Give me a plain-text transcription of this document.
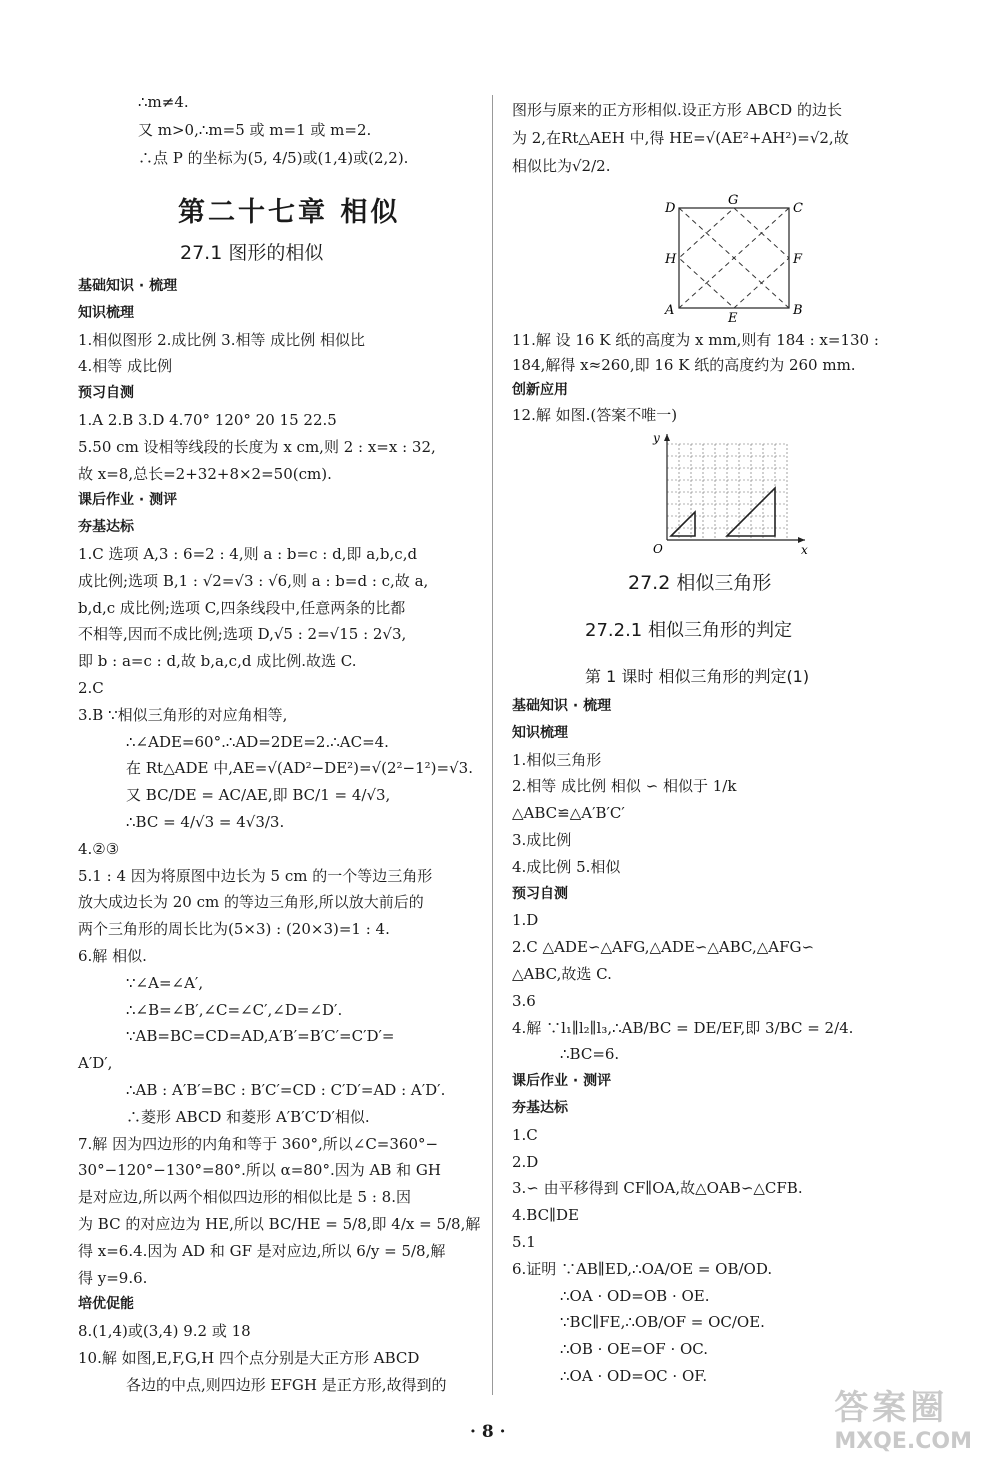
∴m≠4.
又 m>0,∴m=5 或 m=1 或 m=2.
∴点 P 的坐标为(5, 4/5)或(1,4)或(2,2).
第二十七章 相似
27.1 图形的相似
基础知识 · 梳理
知识梳理
1.相似图形 2.成比例 3.相等 成比例 相似比
4.相等 成比例
预习自测
1.A 2.B 3.D 4.70° 120° 20 15 22.5
5.50 cm 设相等线段的长度为 x cm,则 2 : x=x : 32,
故 x=8,总长=2+32+8×2=50(cm).
课后作业 · 测评
夯基达标
1.C 选项 A,3 : 6=2 : 4,则 a : b=c : d,即 a,b,c,d
成比例;选项 B,1 : √2=√3 : √6,则 a : b=d : c,故 a,
b,d,c 成比例;选项 C,四条线段中,任意两条的比都
不相等,因而不成比例;选项 D,√5 : 2=√15 : 2√3,
即 b : a=c : d,故 b,a,c,d 成比例.故选 C.
2.C
3.B ∵相似三角形的对应角相等,
∴∠ADE=60°.∴AD=2DE=2.∴AC=4.
在 Rt△ADE 中,AE=√(AD²−DE²)=√(2²−1²)=√3.
又 BC/DE = AC/AE,即 BC/1 = 4/√3,
∴BC = 4/√3 = 4√3/3.
4.②③
5.1 : 4 因为将原图中边长为 5 cm 的一个等边三角形
放大成边长为 20 cm 的等边三角形,所以放大前后的
两个三角形的周长比为(5×3) : (20×3)=1 : 4.
6.解 相似.
∵∠A=∠A′,
∴∠B=∠B′,∠C=∠C′,∠D=∠D′.
∵AB=BC=CD=AD,A′B′=B′C′=C′D′=
A′D′,
∴AB : A′B′=BC : B′C′=CD : C′D′=AD : A′D′.
∴菱形 ABCD 和菱形 A′B′C′D′相似.
7.解 因为四边形的内角和等于 360°,所以∠C=360°−
30°−120°−130°=80°.所以 α=80°.因为 AB 和 GH
是对应边,所以两个相似四边形的相似比是 5 : 8.因
为 BC 的对应边为 HE,所以 BC/HE = 5/8,即 4/x = 5/8,解
得 x=6.4.因为 AD 和 GF 是对应边,所以 6/y = 5/8,解
得 y=9.6.
培优促能
8.(1,4)或(3,4) 9.2 或 18
10.解 如图,E,F,G,H 四个点分别是大正方形 ABCD
各边的中点,则四边形 EFGH 是正方形,故得到的
图形与原来的正方形相似.设正方形 ABCD 的边长
为 2,在Rt△AEH 中,得 HE=√(AE²+AH²)=√2,故
相似比为√2/2.
D
G
C
H	F
A
E
B
11.解 设 16 K 纸的高度为 x mm,则有 184 : x=130 :
184,解得 x≈260,即 16 K 纸的高度约为 260 mm.
创新应用
12.解 如图.(答案不唯一)
y
O	x
27.2 相似三角形
27.2.1 相似三角形的判定
第 1 课时 相似三角形的判定(1)
基础知识 · 梳理
知识梳理
1.相似三角形
2.相等 成比例 相似 ∽ 相似于 1/k
△ABC≌△A′B′C′
3.成比例
4.成比例 5.相似
预习自测
1.D
2.C △ADE∽△AFG,△ADE∽△ABC,△AFG∽
△ABC,故选 C.
3.6
4.解 ∵l₁∥l₂∥l₃,∴AB/BC = DE/EF,即 3/BC = 2/4.
∴BC=6.
课后作业 · 测评
夯基达标
1.C
2.D
3.∽ 由平移得到 CF∥OA,故△OAB∽△CFB.
4.BC∥DE
5.1
6.证明 ∵AB∥ED,∴OA/OE = OB/OD.
∴OA · OD=OB · OE.
∵BC∥FE,∴OB/OF = OC/OE.
∴OB · OE=OF · OC.
∴OA · OD=OC · OF.
· 8 ·
答案圈
MXQE.COM
